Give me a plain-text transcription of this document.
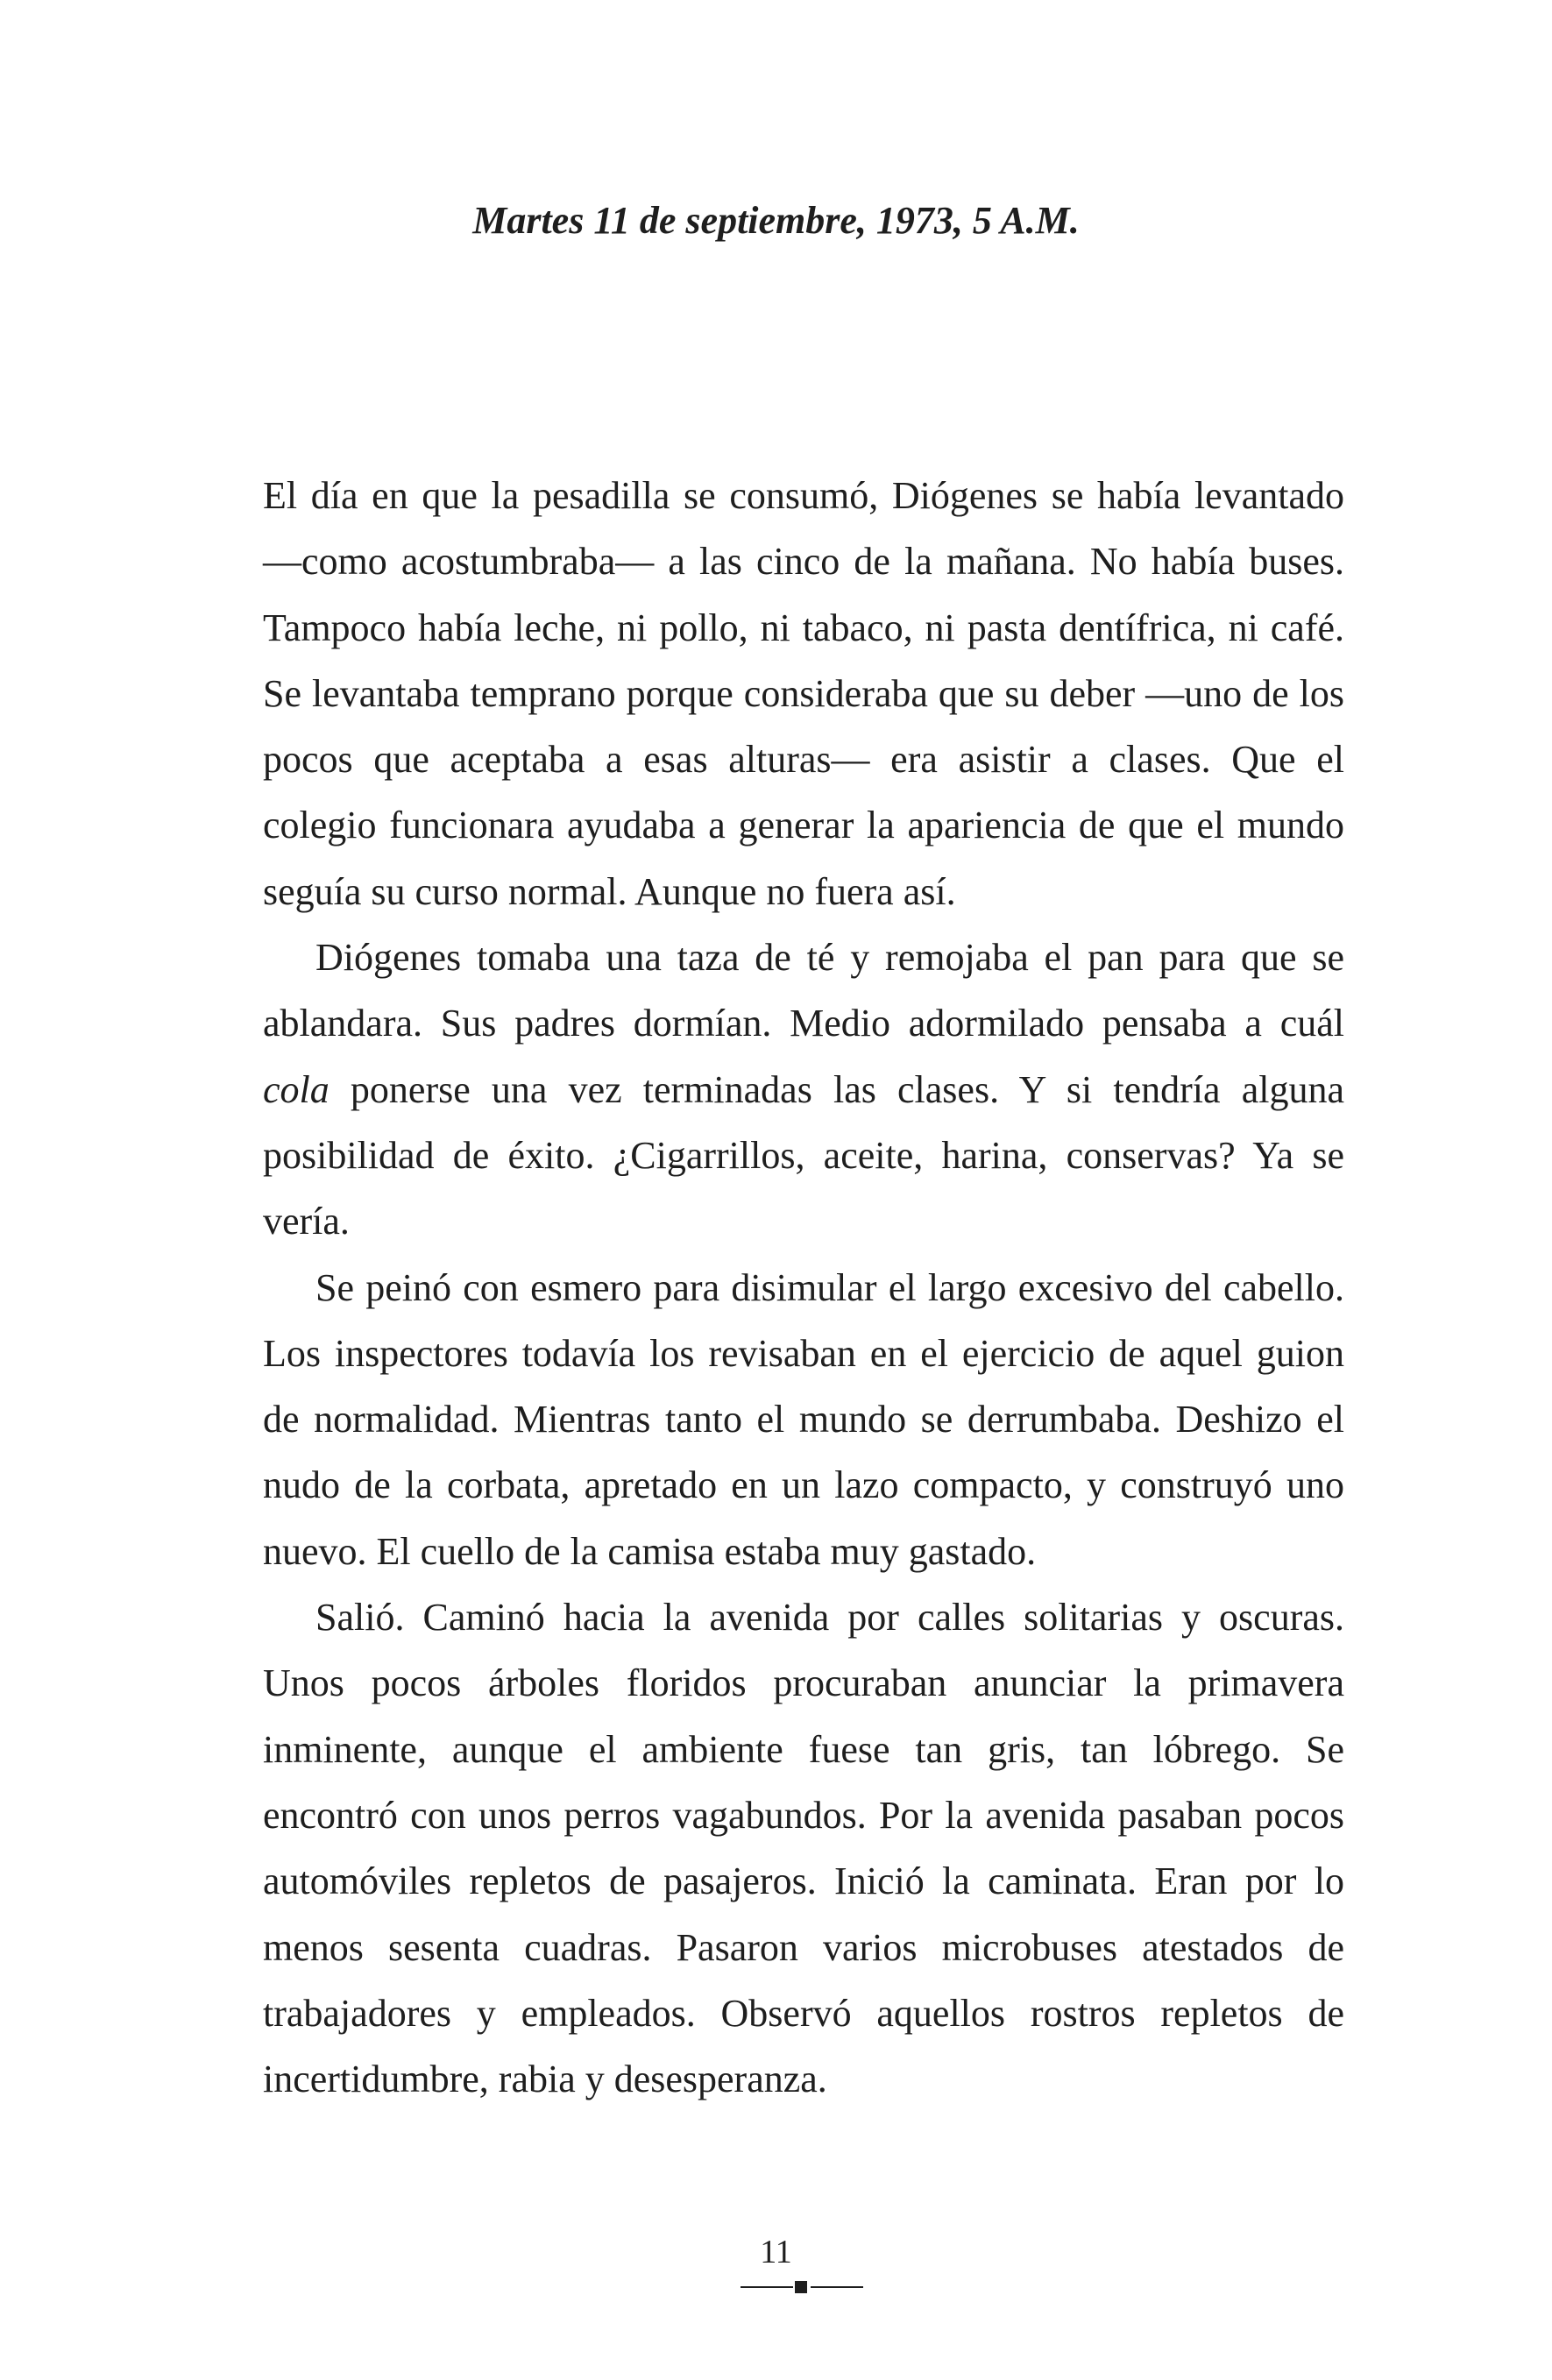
Martes 11 de septiembre, 1973, 5 A.M.

El día en que la pesadilla se consumó, Diógenes se había levantado —como acostumbraba— a las cinco de la mañana. No había buses. Tampoco había leche, ni pollo, ni tabaco, ni pasta dentífrica, ni café. Se levantaba temprano porque consideraba que su deber —uno de los pocos que aceptaba a esas alturas— era asistir a clases. Que el colegio funcionara ayudaba a generar la apariencia de que el mundo seguía su curso normal. Aunque no fuera así.

Diógenes tomaba una taza de té y remojaba el pan para que se ablandara. Sus padres dormían. Medio adormilado pensaba a cuál cola ponerse una vez terminadas las clases. Y si tendría alguna posibilidad de éxito. ¿Cigarrillos, aceite, harina, conservas? Ya se vería.

Se peinó con esmero para disimular el largo excesivo del cabello. Los inspectores todavía los revisaban en el ejercicio de aquel guion de normalidad. Mientras tanto el mundo se derrumbaba. Deshizo el nudo de la corbata, apretado en un lazo compacto, y construyó uno nuevo. El cuello de la camisa estaba muy gastado.

Salió. Caminó hacia la avenida por calles solitarias y oscuras. Unos pocos árboles floridos procuraban anunciar la primavera inminente, aunque el ambiente fuese tan gris, tan lóbrego. Se encontró con unos perros vagabundos. Por la avenida pasaban pocos automóviles repletos de pasajeros. Inició la caminata. Eran por lo menos sesenta cuadras. Pasaron varios microbuses atestados de trabajadores y empleados. Observó aquellos rostros repletos de incertidumbre, rabia y desesperanza.

11
